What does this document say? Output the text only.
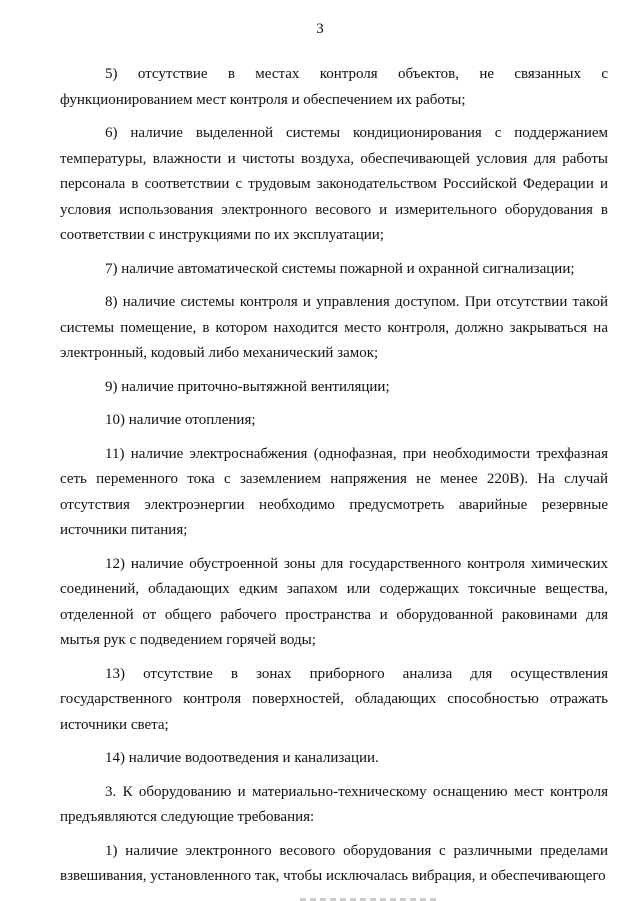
3

5) отсутствие в местах контроля объектов, не связанных с функционированием мест контроля и обеспечением их работы;

6) наличие выделенной системы кондиционирования с поддержанием температуры, влажности и чистоты воздуха, обеспечивающей условия для работы персонала в соответствии с трудовым законодательством Российской Федерации и условия использования электронного весового и измерительного оборудования в соответствии с инструкциями по их эксплуатации;

7) наличие автоматической системы пожарной и охранной сигнализации;

8) наличие системы контроля и управления доступом. При отсутствии такой системы помещение, в котором находится место контроля, должно закрываться на электронный, кодовый либо механический замок;

9) наличие приточно-вытяжной вентиляции;

10) наличие отопления;

11) наличие электроснабжения (однофазная, при необходимости трехфазная сеть переменного тока с заземлением напряжения не менее 220В). На случай отсутствия электроэнергии необходимо предусмотреть аварийные резервные источники питания;

12) наличие обустроенной зоны для государственного контроля химических соединений, обладающих едким запахом или содержащих токсичные вещества, отделенной от общего рабочего пространства и оборудованной раковинами для мытья рук с подведением горячей воды;

13) отсутствие в зонах приборного анализа для осуществления государственного контроля поверхностей, обладающих способностью отражать источники света;

14) наличие водоотведения и канализации.

3. К оборудованию и материально-техническому оснащению мест контроля предъявляются следующие требования:

1) наличие электронного весового оборудования с различными пределами взвешивания, установленного так, чтобы исключалась вибрация, и обеспечивающего
